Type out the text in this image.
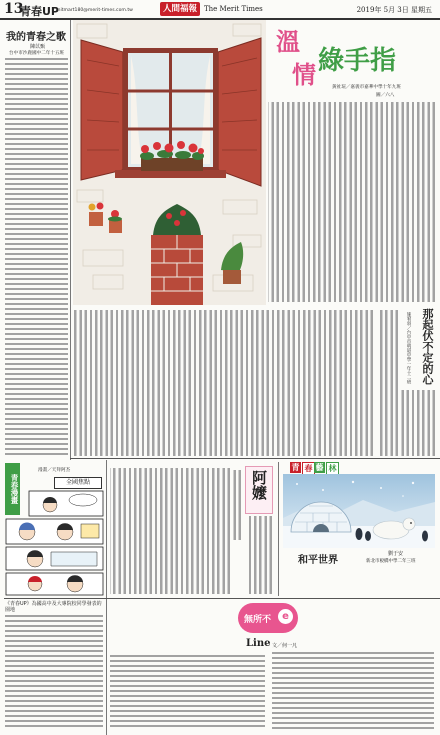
13
青春UP
mitmart180@merit-times.com.tw	人間福報	The Merit Times	2019年 5月 3日 星期五
我的青春之歌
陳苡甄
台中市沙鹿國中二年十五班	溫
情 綠手指
黃祉瑄／嘉義市嘉華中學十年九班
圖／六八
那起伏不定的心
施宥羽／台中市明道中學一年十二班
青 春 藝 林
阿嬤
和平世界
劉于安
新北市板橋中學二年三班
青春漫畫
漫畫／天拜阿杰
全國焦點
《青春UP》為國高中及大專院校同學發表的園地
無所不	e
Line 文／何一凡
